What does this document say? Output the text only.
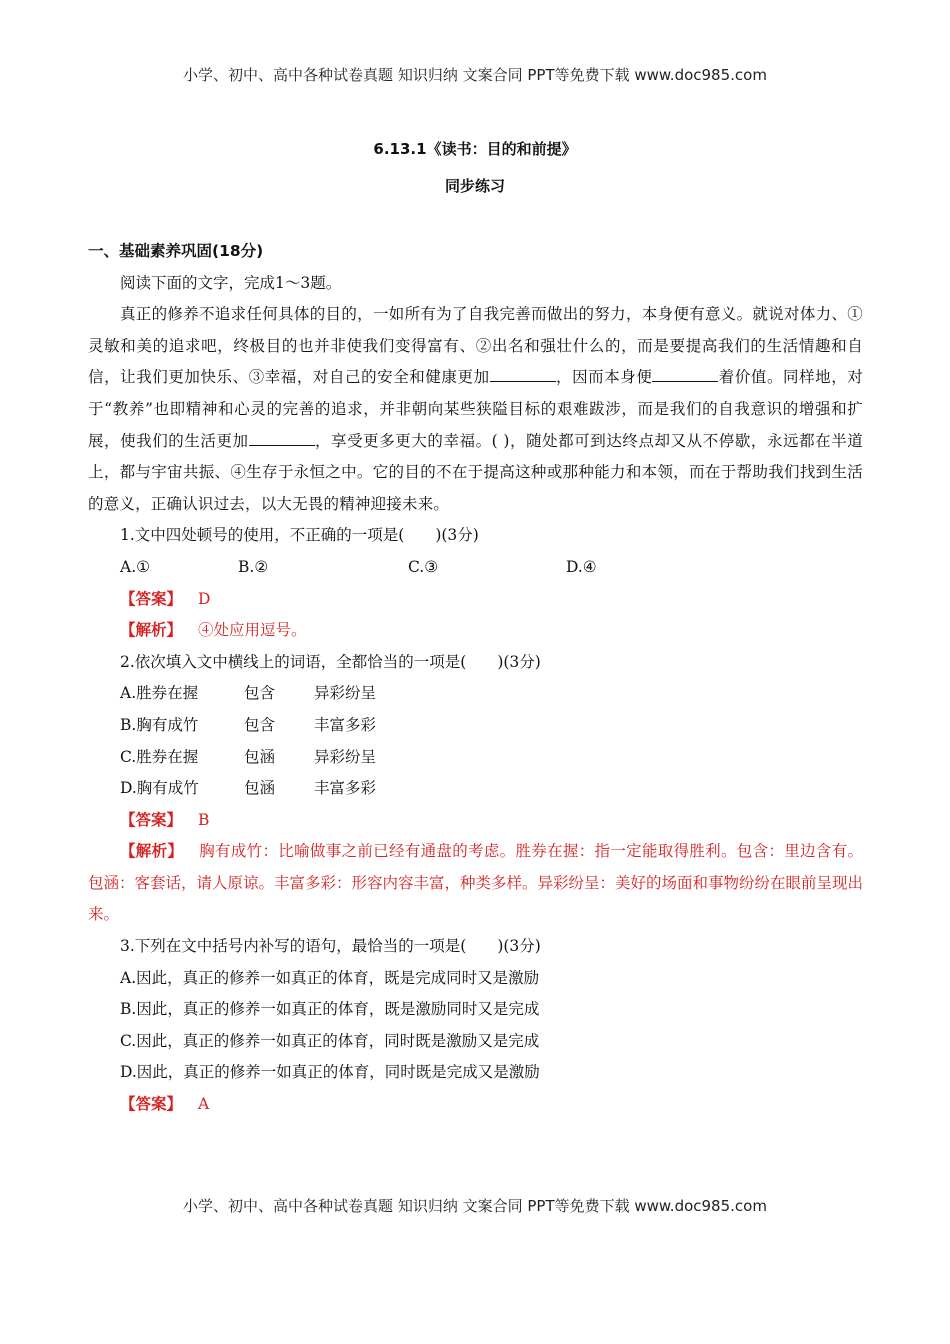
小学、初中、高中各种试卷真题 知识归纳 文案合同 PPT等免费下载 www.doc985.com
6.13.1《读书：目的和前提》
同步练习
一、基础素养巩固(18分)
阅读下面的文字，完成1～3题。
真正的修养不追求任何具体的目的，一如所有为了自我完善而做出的努力，本身便有意义。就说对体力、①灵敏和美的追求吧，终极目的也并非使我们变得富有、②出名和强壮什么的，而是要提高我们的生活情趣和自信，让我们更加快乐、③幸福，对自己的安全和健康更加	，因而本身便	着价值。同样地，对于“教养”也即精神和心灵的完善的追求，并非朝向某些狭隘目标的艰难跋涉，而是我们的自我意识的增强和扩展，使我们的生活更加	，享受更多更大的幸福。( )，随处都可到达终点却又从不停歇，永远都在半道上，都与宇宙共振、④生存于永恒之中。它的目的不在于提高这种或那种能力和本领，而在于帮助我们找到生活的意义，正确认识过去，以大无畏的精神迎接未来。
1.文中四处顿号的使用，不正确的一项是(　　)(3分)
A.①	B.②	C.③	D.④
【答案】 D
【解析】 ④处应用逗号。
2.依次填入文中横线上的词语，全都恰当的一项是(　　)(3分)
A.胜券在握	包含	异彩纷呈
B.胸有成竹	包含	丰富多彩
C.胜券在握	包涵	异彩纷呈
D.胸有成竹	包涵	丰富多彩
【答案】 B
【解析】 胸有成竹：比喻做事之前已经有通盘的考虑。胜券在握：指一定能取得胜利。包含：里边含有。包涵：客套话，请人原谅。丰富多彩：形容内容丰富，种类多样。异彩纷呈：美好的场面和事物纷纷在眼前呈现出来。
3.下列在文中括号内补写的语句，最恰当的一项是(　　)(3分)
A.因此，真正的修养一如真正的体育，既是完成同时又是激励
B.因此，真正的修养一如真正的体育，既是激励同时又是完成
C.因此，真正的修养一如真正的体育，同时既是激励又是完成
D.因此，真正的修养一如真正的体育，同时既是完成又是激励
【答案】 A
小学、初中、高中各种试卷真题 知识归纳 文案合同 PPT等免费下载 www.doc985.com
